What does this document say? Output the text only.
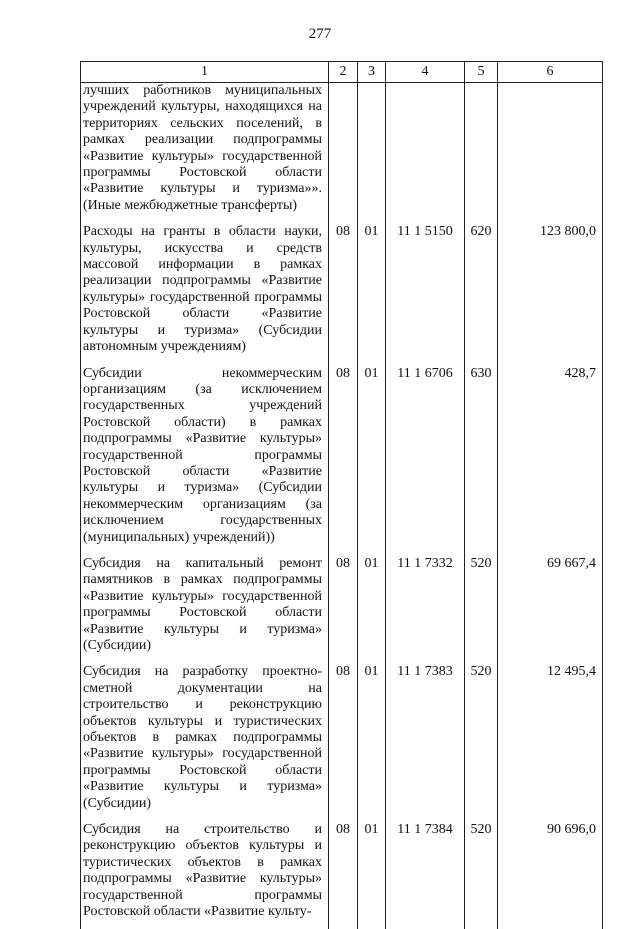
277
1	2	3	4	5	6
лучших работников муниципальных учреждений культуры, находящихся на территориях сельских поселений, в рамках реализации подпрограммы «Развитие культуры» государственной программы Ростовской области «Развитие культуры и туризма»». (Иные межбюджетные трансферты)					
Расходы на гранты в области науки, культуры, искусства и средств массовой информации в рамках реализации подпрограммы «Развитие культуры» государственной программы Ростовской области «Развитие культуры и туризма» (Субсидии автономным учреждениям)	08	01	11 1 5150	620	123 800,0
Субсидии некоммерческим организациям (за исключением государственных учреждений Ростовской области) в рамках подпрограммы «Развитие культуры» государственной программы Ростовской области «Развитие культуры и туризма» (Субсидии некоммерческим организациям (за исключением государственных (муниципальных) учреждений))	08	01	11 1 6706	630	428,7
Субсидия на капитальный ремонт памятников в рамках подпрограммы «Развитие культуры» государственной программы Ростовской области «Развитие культуры и туризма» (Субсидии)	08	01	11 1 7332	520	69 667,4
Субсидия на разработку проектно-сметной документации на строительство и реконструкцию объектов культуры и туристических объектов в рамках подпрограммы «Развитие культуры» государственной программы Ростовской области «Развитие культуры и туризма» (Субсидии)	08	01	11 1 7383	520	12 495,4
Субсидия на строительство и реконструкцию объектов культуры и туристических объектов в рамках подпрограммы «Развитие культуры» государственной программы Ростовской области «Развитие культу-	08	01	11 1 7384	520	90 696,0
